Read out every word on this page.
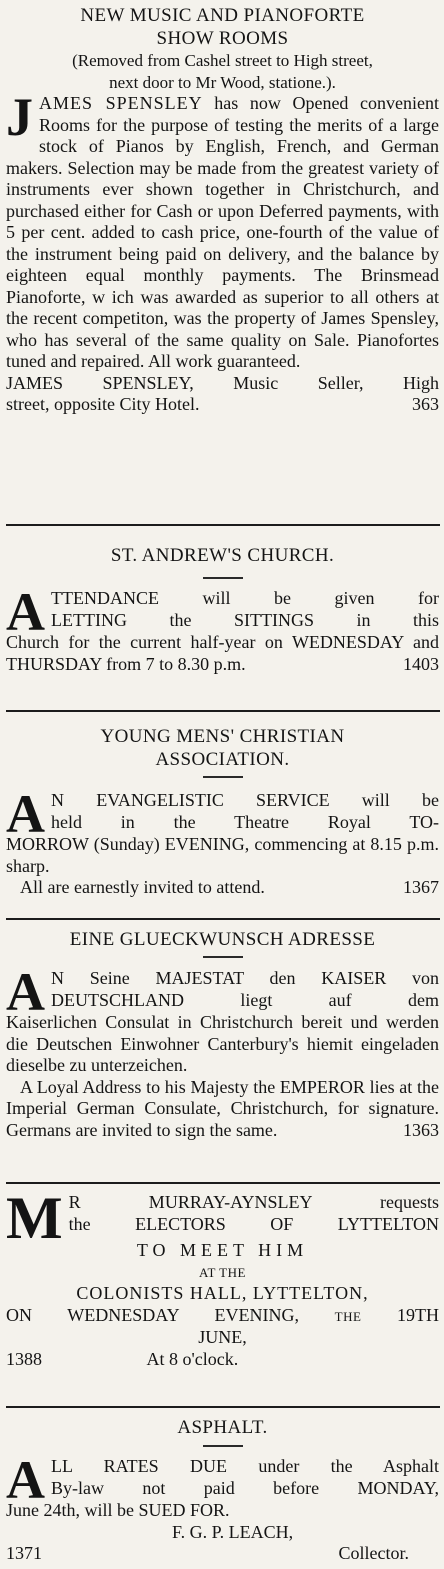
NEW MUSIC AND PIANOFORTE

SHOW ROOMS

(Removed from Cashel street to High street,

next door to Mr Wood, statione.).

JAMES SPENSLEY has now Opened convenient Rooms for the purpose of testing the merits of a large stock of Pianos by English, French, and German makers. Selection may be made from the greatest variety of instruments ever shown together in Christchurch, and purchased either for Cash or upon Deferred payments, with 5 per cent. added to cash price, one-fourth of the value of the instrument being paid on delivery, and the balance by eighteen equal monthly payments. The Brinsmead Pianoforte, w ich was awarded as superior to all others at the recent competiton, was the property of James Spensley, who has several of the same quality on Sale. Pianofortes tuned and repaired. All work guaranteed.

JAMES SPENSLEY, Music Seller, High

street, opposite City Hotel.	363

ST. ANDREW'S CHURCH.

A TTENDANCE will be given for

LETTING the SITTINGS in this

Church for the current half-year on WEDNESDAY and THURSDAY from 7 to 8.30 p.m.	1403

YOUNG MENS' CHRISTIAN

ASSOCIATION.

A N EVANGELISTIC SERVICE will be

held in the Theatre Royal TO-

MORROW (Sunday) EVENING, commencing at 8.15 p.m. sharp.

All are earnestly invited to attend.	1367

EINE GLUECKWUNSCH ADRESSE

A N Seine MAJESTAT den KAISER von

DEUTSCHLAND liegt auf dem

Kaiserlichen Consulat in Christchurch bereit und werden die Deutschen Einwohner Canterbury's hiemit eingeladen dieselbe zu unterzeichen.

A Loyal Address to his Majesty the EMPEROR lies at the Imperial German Consulate, Christchurch, for signature. Germans are invited to sign the same.	1363

M R MURRAY-AYNSLEY requests

the ELECTORS OF LYTTELTON

TO MEET HIM

AT THE

COLONISTS HALL, LYTTELTON,

ON WEDNESDAY EVENING,	THE 19TH

JUNE,

1388	At 8 o'clock.

ASPHALT.

A LL RATES DUE under the Asphalt

By-law not paid before MONDAY,

June 24th, will be SUED FOR.

F. G. P. LEACH,

1371	Collector.
